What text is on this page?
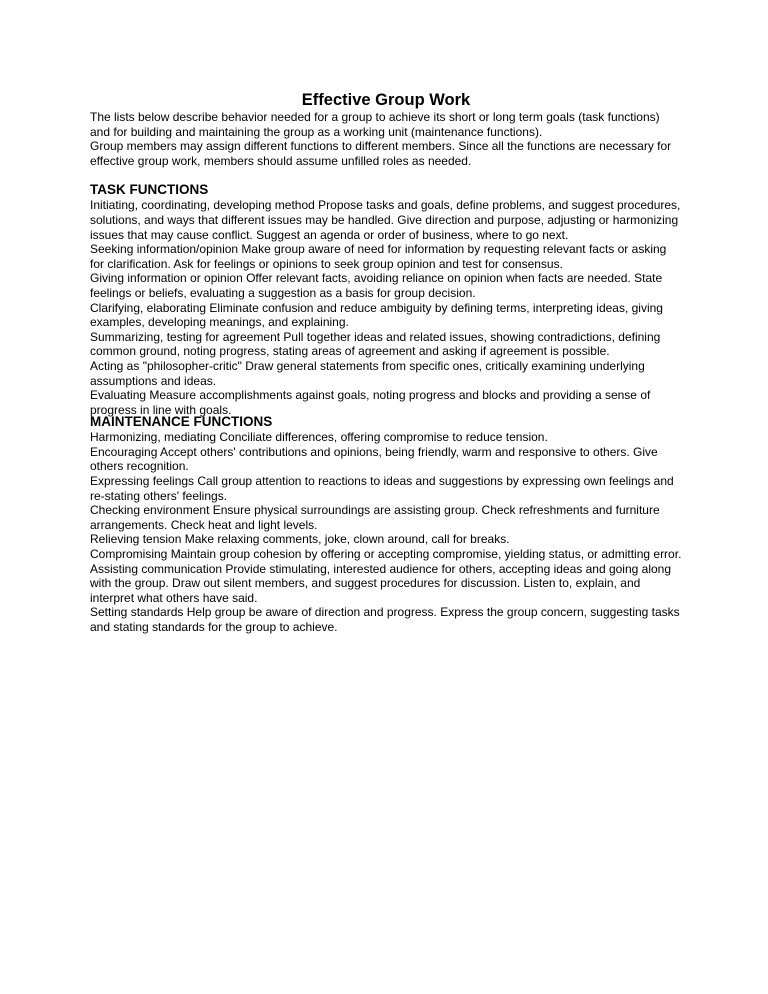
Effective Group Work

The lists below describe behavior needed for a group to achieve its short or long term goals (task functions) and for building and maintaining the group as a working unit (maintenance functions).

Group members may assign different functions to different members. Since all the functions are necessary for effective group work, members should assume unfilled roles as needed.

TASK FUNCTIONS

Initiating, coordinating, developing method Propose tasks and goals, define problems, and suggest procedures, solutions, and ways that different issues may be handled. Give direction and purpose, adjusting or harmonizing issues that may cause conflict. Suggest an agenda or order of business, where to go next.

Seeking information/opinion Make group aware of need for information by requesting relevant facts or asking for clarification. Ask for feelings or opinions to seek group opinion and test for consensus.

Giving information or opinion Offer relevant facts, avoiding reliance on opinion when facts are needed. State feelings or beliefs, evaluating a suggestion as a basis for group decision.

Clarifying, elaborating Eliminate confusion and reduce ambiguity by defining terms, interpreting ideas, giving examples, developing meanings, and explaining.

Summarizing, testing for agreement Pull together ideas and related issues, showing contradictions, defining common ground, noting progress, stating areas of agreement and asking if agreement is possible.

Acting as "philosopher-critic" Draw general statements from specific ones, critically examining underlying assumptions and ideas.

Evaluating Measure accomplishments against goals, noting progress and blocks and providing a sense of progress in line with goals.

MAINTENANCE FUNCTIONS

Harmonizing, mediating Conciliate differences, offering compromise to reduce tension.

Encouraging Accept others' contributions and opinions, being friendly, warm and responsive to others. Give others recognition.

Expressing feelings Call group attention to reactions to ideas and suggestions by expressing own feelings and re-stating others' feelings.

Checking environment Ensure physical surroundings are assisting group. Check refreshments and furniture arrangements. Check heat and light levels.

Relieving tension Make relaxing comments, joke, clown around, call for breaks.

Compromising Maintain group cohesion by offering or accepting compromise, yielding status, or admitting error.

Assisting communication Provide stimulating, interested audience for others, accepting ideas and going along with the group. Draw out silent members, and suggest procedures for discussion. Listen to, explain, and interpret what others have said.

Setting standards Help group be aware of direction and progress. Express the group concern, suggesting tasks and stating standards for the group to achieve.
